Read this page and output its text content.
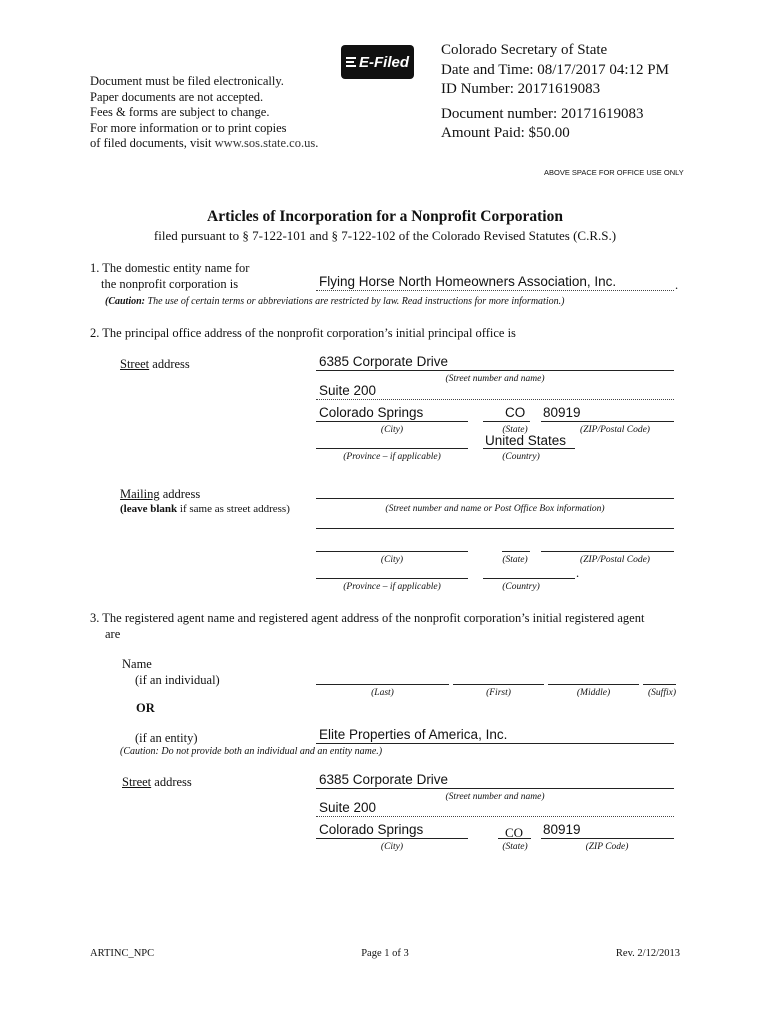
Document must be filed electronically.
Paper documents are not accepted.
Fees & forms are subject to change.
For more information or to print copies
of filed documents, visit www.sos.state.co.us.
E-Filed
Colorado Secretary of State
Date and Time: 08/17/2017 04:12 PM
ID Number: 20171619083
Document number: 20171619083
Amount Paid: $50.00
ABOVE SPACE FOR OFFICE USE ONLY
Articles of Incorporation for a Nonprofit Corporation
filed pursuant to § 7-122-101 and § 7-122-102 of the Colorado Revised Statutes (C.R.S.)
1. The domestic entity name for
the nonprofit corporation is	Flying Horse North Homeowners Association, Inc.	.
(Caution: The use of certain terms or abbreviations are restricted by law. Read instructions for more information.)
2. The principal office address of the nonprofit corporation’s initial principal office is
Street address	6385 Corporate Drive
(Street number and name)
Suite 200
Colorado Springs	CO 80919
(City)	(State)	(ZIP/Postal Code)
United States
(Province – if applicable)	(Country)
Mailing address
(leave blank if same as street address)	(Street number and name or Post Office Box information)
(City)	(State)	(ZIP/Postal Code)
.
(Province – if applicable)	(Country)
3. The registered agent name and registered agent address of the nonprofit corporation’s initial registered agent
are
Name
(if an individual)
(Last)	(First)	(Middle)	(Suffix)
OR
(if an entity)	Elite Properties of America, Inc.
(Caution: Do not provide both an individual and an entity name.)
Street address	6385 Corporate Drive
(Street number and name)
Suite 200
Colorado Springs	CO 80919
(City)	(State)	(ZIP Code)
ARTINC_NPC	Page 1 of 3	Rev. 2/12/2013
